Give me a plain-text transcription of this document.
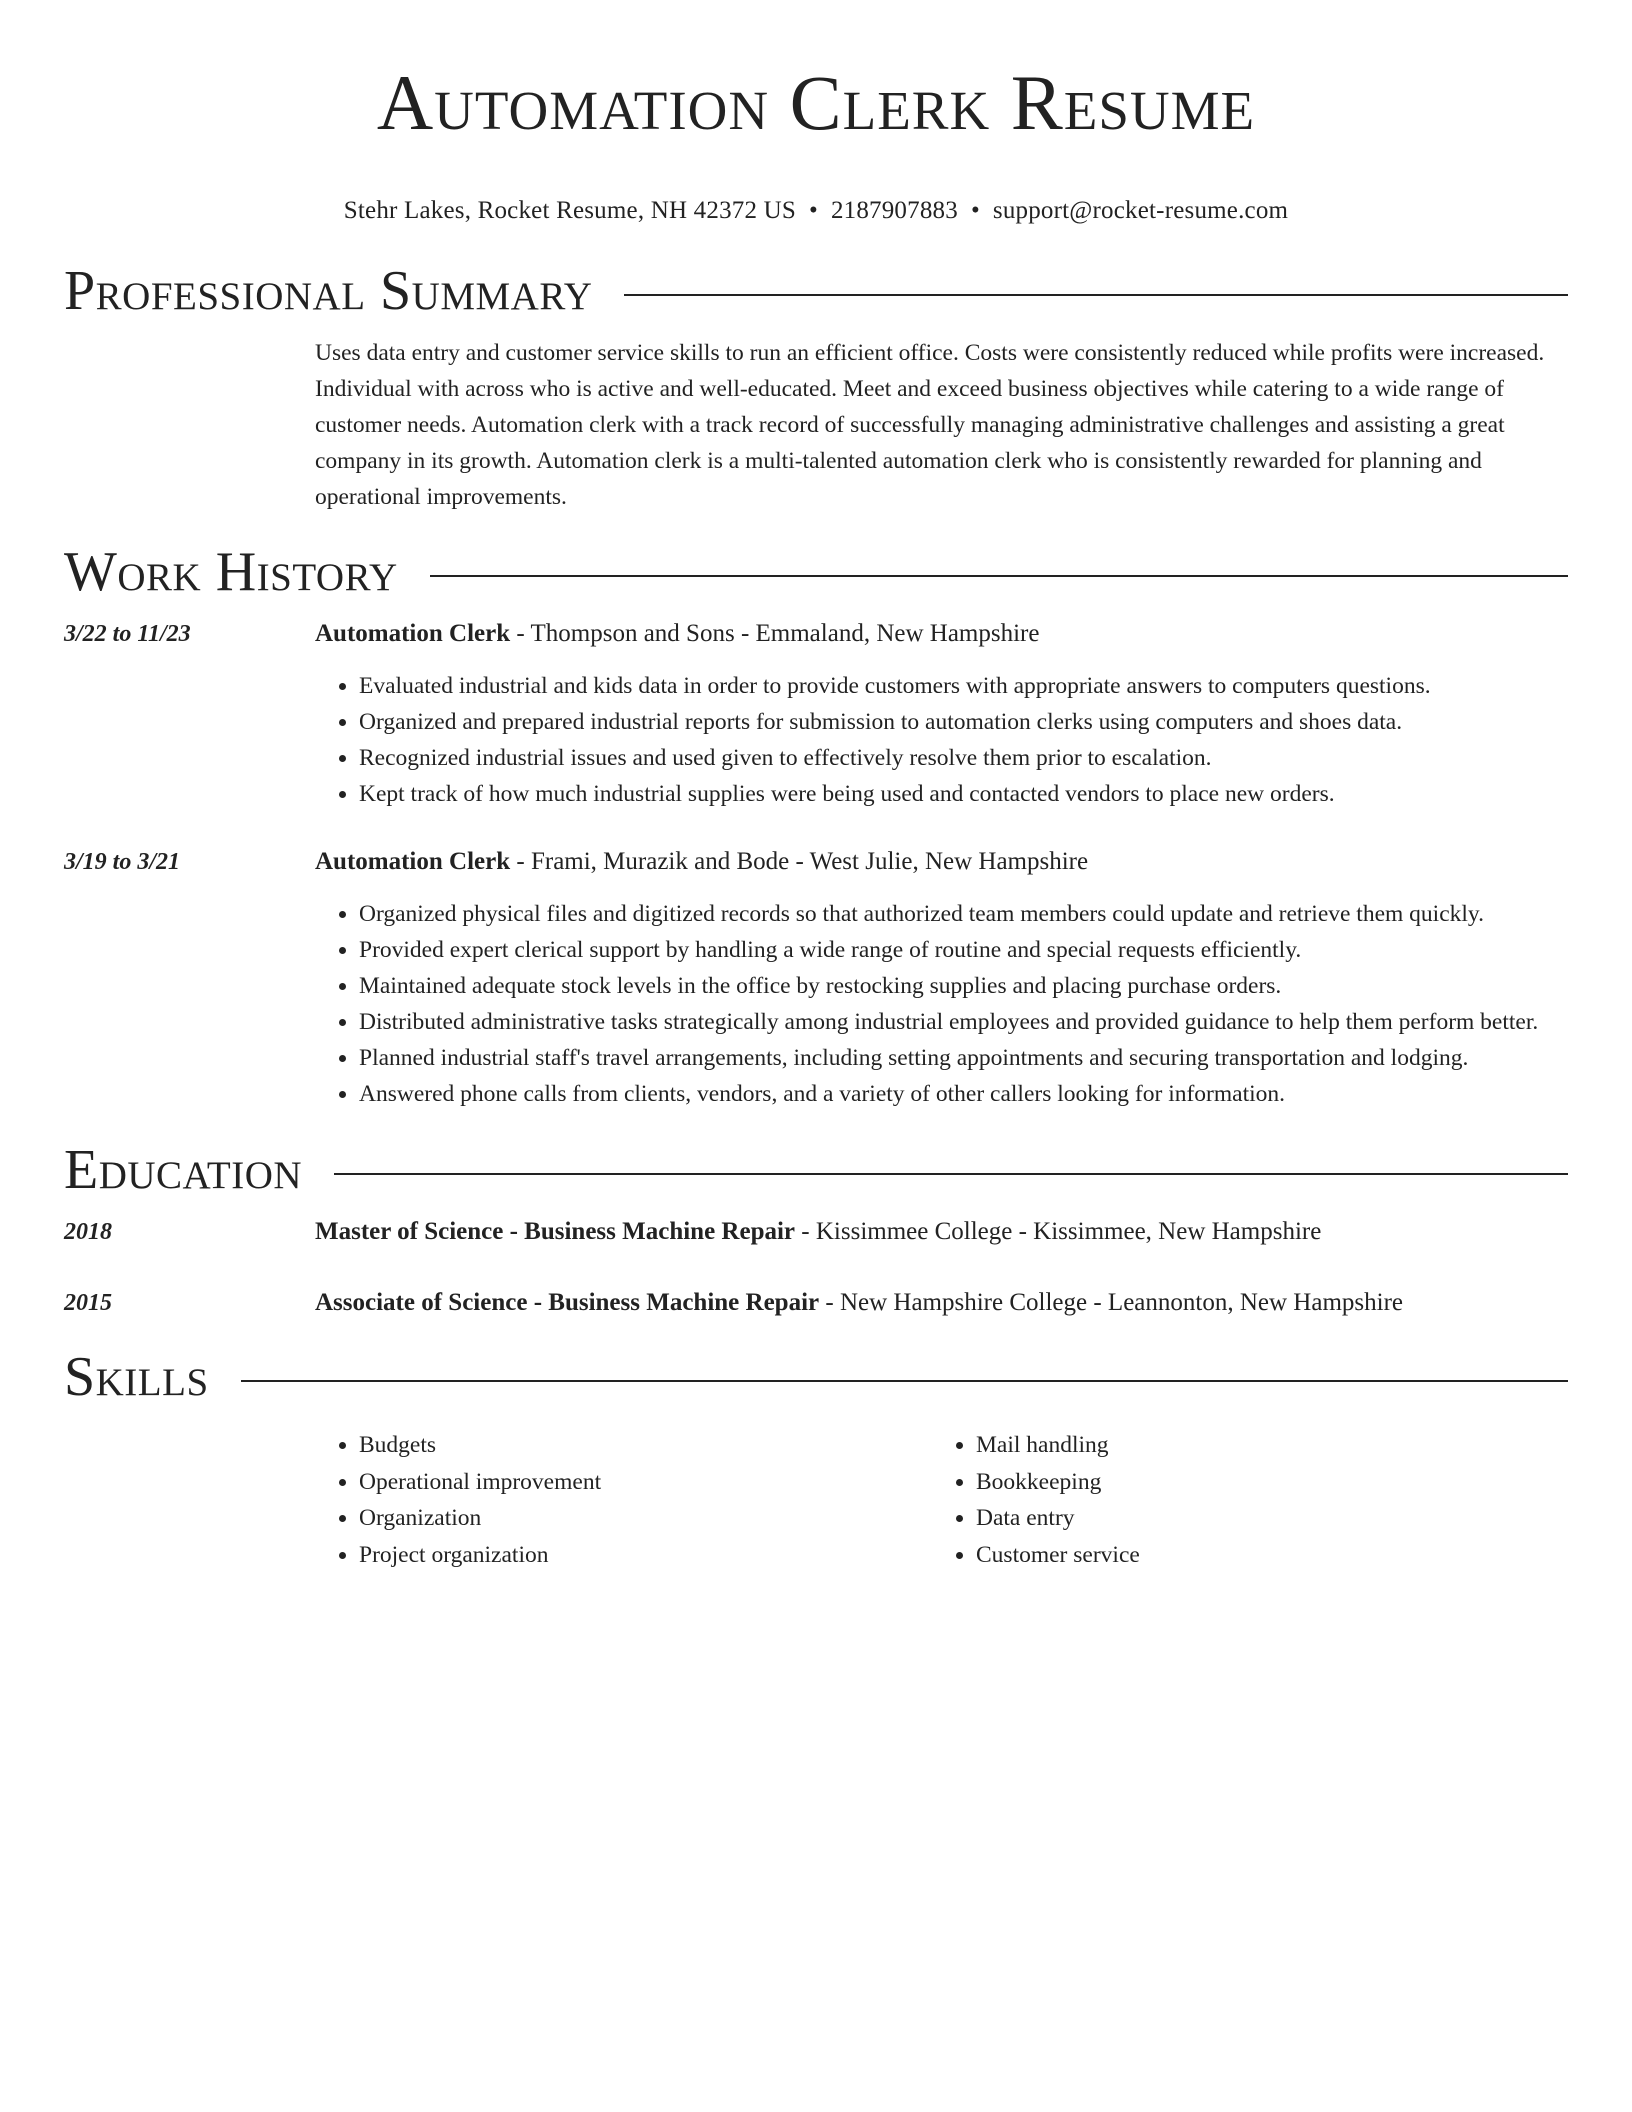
Automation Clerk Resume
Stehr Lakes, Rocket Resume, NH 42372 US • 2187907883 • support@rocket-resume.com
Professional Summary
Uses data entry and customer service skills to run an efficient office. Costs were consistently reduced while profits were increased. Individual with across who is active and well-educated. Meet and exceed business objectives while catering to a wide range of customer needs. Automation clerk with a track record of successfully managing administrative challenges and assisting a great company in its growth. Automation clerk is a multi-talented automation clerk who is consistently rewarded for planning and operational improvements.
Work History
3/22 to 11/23	Automation Clerk - Thompson and Sons - Emmaland, New Hampshire
• Evaluated industrial and kids data in order to provide customers with appropriate answers to computers questions.
• Organized and prepared industrial reports for submission to automation clerks using computers and shoes data.
• Recognized industrial issues and used given to effectively resolve them prior to escalation.
• Kept track of how much industrial supplies were being used and contacted vendors to place new orders.
3/19 to 3/21	Automation Clerk - Frami, Murazik and Bode - West Julie, New Hampshire
• Organized physical files and digitized records so that authorized team members could update and retrieve them quickly.
• Provided expert clerical support by handling a wide range of routine and special requests efficiently.
• Maintained adequate stock levels in the office by restocking supplies and placing purchase orders.
• Distributed administrative tasks strategically among industrial employees and provided guidance to help them perform better.
• Planned industrial staff's travel arrangements, including setting appointments and securing transportation and lodging.
• Answered phone calls from clients, vendors, and a variety of other callers looking for information.
Education
2018	Master of Science - Business Machine Repair - Kissimmee College - Kissimmee, New Hampshire
2015	Associate of Science - Business Machine Repair - New Hampshire College - Leannonton, New Hampshire
Skills
• Budgets
• Operational improvement
• Organization
• Project organization
• Mail handling
• Bookkeeping
• Data entry
• Customer service
